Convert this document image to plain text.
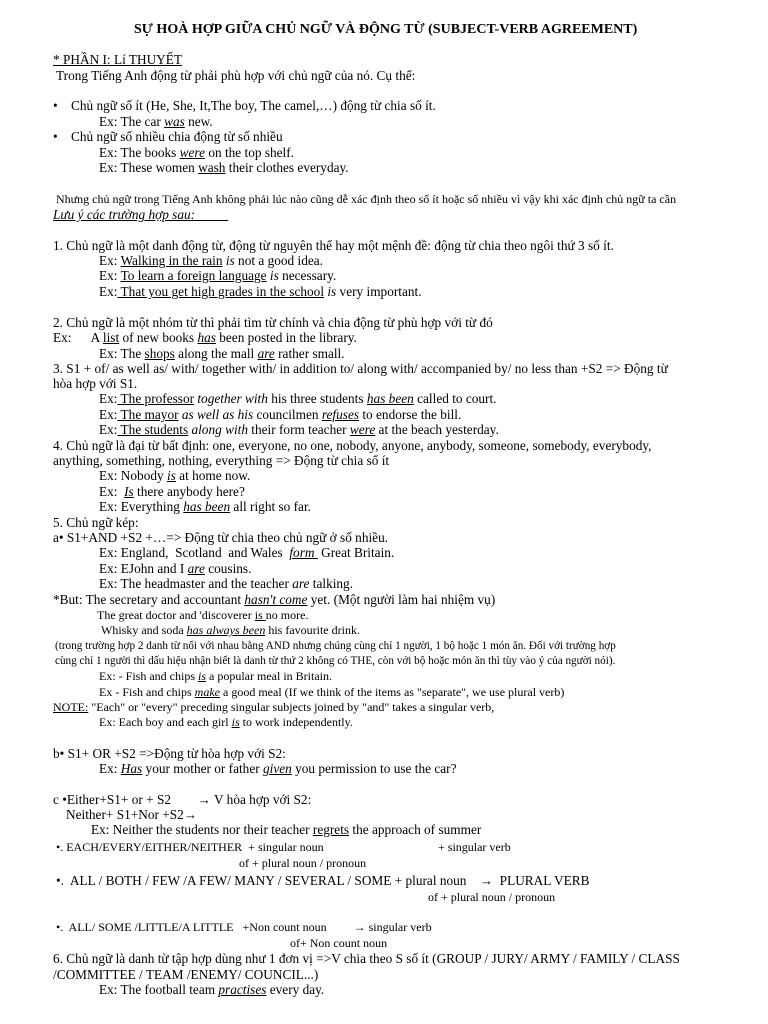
SỰ HOÀ HỢP GIỮA CHỦ NGỮ VÀ ĐỘNG TỪ (SUBJECT-VERB AGREEMENT)
* PHẦN I: Lí THUYẾT
Trong Tiếng Anh động từ phải phù hợp với chủ ngữ của nó. Cụ thể:
•    Chủ ngữ số ít (He, She, It,The boy, The camel,…) động từ chia số ít.
Ex: The car was new.
•    Chủ ngữ số nhiều chia động từ số nhiều
Ex: The books were on the top shelf.
Ex: These women wash their clothes everyday.
Nhưng chủ ngữ trong Tiếng Anh không phải lúc nào cũng dễ xác định theo số ít hoặc số nhiều vì vậy khi xác định chủ ngữ ta cần
Lưu ý các trường hợp sau:
1. Chủ ngữ là một danh động từ, động từ nguyên thể hay một mệnh đề: động từ chia theo ngôi thứ 3 số ít.
Ex: Walking in the rain is not a good idea.
Ex: To learn a foreign language is necessary.
Ex: That you get high grades in the school is very important.
2. Chủ ngữ là một nhóm từ thì phải tìm từ chính và chia động từ phù hợp với từ đó
Ex:      A list of new books has been posted in the library.
Ex: The shops along the mall are rather small.
3. S1 + of/ as well as/ with/ together with/ in addition to/ along with/ accompanied by/ no less than +S2 => Động từ
hòa hợp với S1.
Ex: The professor together with his three students has been called to court.
Ex: The mayor as well as his councilmen refuses to endorse the bill.
Ex: The students along with their form teacher were at the beach yesterday.
4. Chủ ngữ là đại từ bất định: one, everyone, no one, nobody, anyone, anybody, someone, somebody, everybody,
anything, something, nothing, everything => Động từ chia số ít
Ex: Nobody is at home now.
Ex:  Is there anybody here?
Ex: Everything has been all right so far.
5. Chủ ngữ kép:
a• S1+AND +S2 +…=> Động từ chia theo chủ ngữ ở số nhiều.
Ex: England,  Scotland  and Wales  form  Great Britain.
Ex: EJohn and I are cousins.
Ex: The headmaster and the teacher are talking.
*But: The secretary and accountant hasn't come yet. (Một người làm hai nhiệm vụ)
The great doctor and 'discoverer is no more.
Whisky and soda has always been his favourite drink.
(trong trường hợp 2 danh từ nối với nhau bằng AND nhưng chúng cùng chỉ 1 người, 1 bộ hoặc 1 món ăn. Đối với trường hợp
cùng chỉ 1 người thì dấu hiệu nhận biết là danh từ thứ 2 không có THE, còn với bộ hoặc món ăn thì tùy vào ý của người nói).
Ex: - Fish and chips is a popular meal in Britain.
Ex - Fish and chips make a good meal (If we think of the items as "separate", we use plural verb)
NOTE: "Each" or "every" preceding singular subjects joined by "and" takes a singular verb,
Ex: Each boy and each girl is to work independently.
b• S1+ OR +S2 =>Động từ hòa hợp với S2:
Ex: Has your mother or father given you permission to use the car?
c •Either+S1+ or + S2        → V hòa hợp với S2:
Neither+ S1+Nor +S2→
Ex: Neither the students nor their teacher regrets the approach of summer
•. EACH/EVERY/EITHER/NEITHER  + singular noun	+ singular verb
of + plural noun / pronoun
•.  ALL / BOTH / FEW /A FEW/ MANY / SEVERAL / SOME + plural noun    →  PLURAL VERB
of + plural noun / pronoun
•.  ALL/ SOME /LITTLE/A LITTLE   +Non count noun         → singular verb
of+ Non count noun
6. Chủ ngữ là danh từ tập hợp dùng như 1 đơn vị =>V chia theo S số ít (GROUP / JURY/ ARMY / FAMILY / CLASS
/COMMITTEE / TEAM /ENEMY/ COUNCIL...)
Ex: The football team practises every day.
